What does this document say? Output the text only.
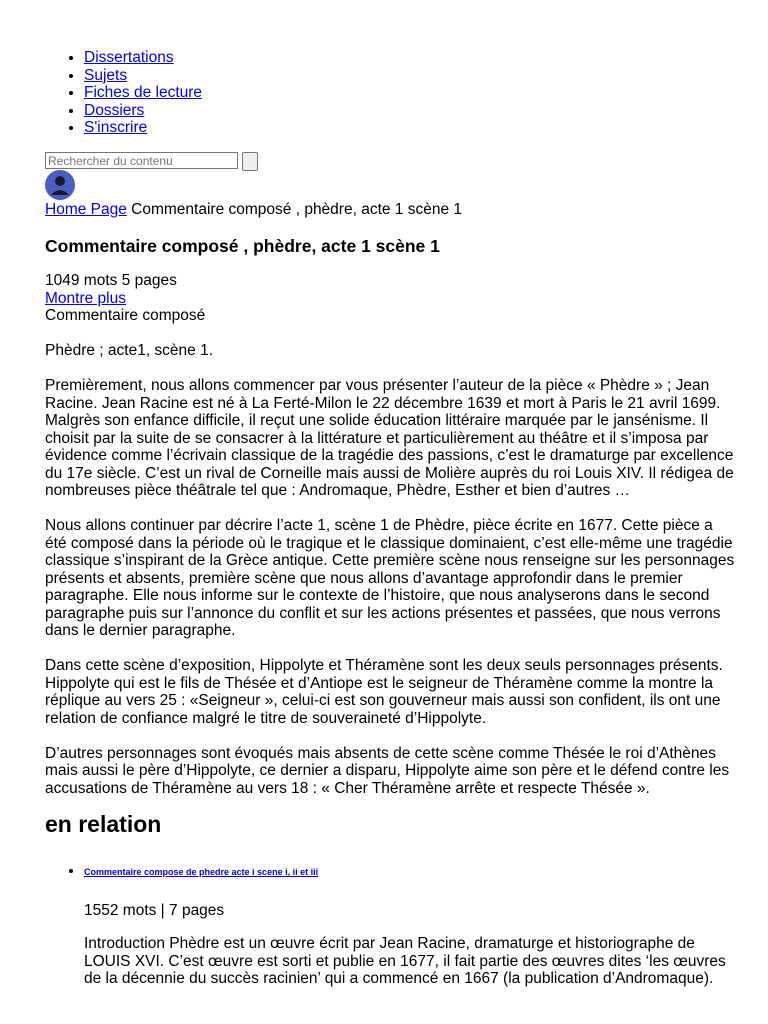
• Dissertations
• Sujets
• Fiches de lecture
• Dossiers
• S'inscrire
Rechercher du contenu
Home Page Commentaire composé , phèdre, acte 1 scène 1
Commentaire composé , phèdre, acte 1 scène 1
1049 mots 5 pages
Montre plus
Commentaire composé

Phèdre ; acte1, scène 1.

Premièrement, nous allons commencer par vous présenter l’auteur de la pièce « Phèdre » ; Jean Racine. Jean Racine est né à La Ferté-Milon le 22 décembre 1639 et mort à Paris le 21 avril 1699. Malgrès son enfance difficile, il reçut une solide éducation littéraire marquée par le jansénisme. Il choisit par la suite de se consacrer à la littérature et particulièrement au théâtre et il s’imposa par évidence comme l’écrivain classique de la tragédie des passions, c’est le dramaturge par excellence du 17e siècle. C’est un rival de Corneille mais aussi de Molière auprès du roi Louis XIV. Il rédigea de nombreuses pièce théâtrale tel que : Andromaque, Phèdre, Esther et bien d’autres …

Nous allons continuer par décrire l’acte 1, scène 1 de Phèdre, pièce écrite en 1677. Cette pièce a été composé dans la période où le tragique et le classique dominaient, c’est elle-même une tragédie classique s’inspirant de la Grèce antique. Cette première scène nous renseigne sur les personnages présents et absents, première scène que nous allons d’avantage approfondir dans le premier paragraphe. Elle nous informe sur le contexte de l’histoire, que nous analyserons dans le second paragraphe puis sur l’annonce du conflit et sur les actions présentes et passées, que nous verrons dans le dernier paragraphe.

Dans cette scène d’exposition, Hippolyte et Théramène sont les deux seuls personnages présents. Hippolyte qui est le fils de Thésée et d’Antiope est le seigneur de Théramène comme la montre la réplique au vers 25 : «Seigneur », celui-ci est son gouverneur mais aussi son confident, ils ont une relation de confiance malgré le titre de souveraineté d’Hippolyte.

D’autres personnages sont évoqués mais absents de cette scène comme Thésée le roi d’Athènes mais aussi le père d’Hippolyte, ce dernier a disparu, Hippolyte aime son père et le défend contre les accusations de Théramène au vers 18 : « Cher Théramène arrête et respecte Thésée ».

en relation
• Commentaire compose de phedre acte i scene i, ii et iii
1552 mots | 7 pages
Introduction Phèdre est un œuvre écrit par Jean Racine, dramaturge et historiographe de LOUIS XVI. C’est œuvre est sorti et publie en 1677, il fait partie des œuvres dites ‘les œuvres de la décennie du succès racinien’ qui a commencé en 1667 (la publication d’Andromaque).
